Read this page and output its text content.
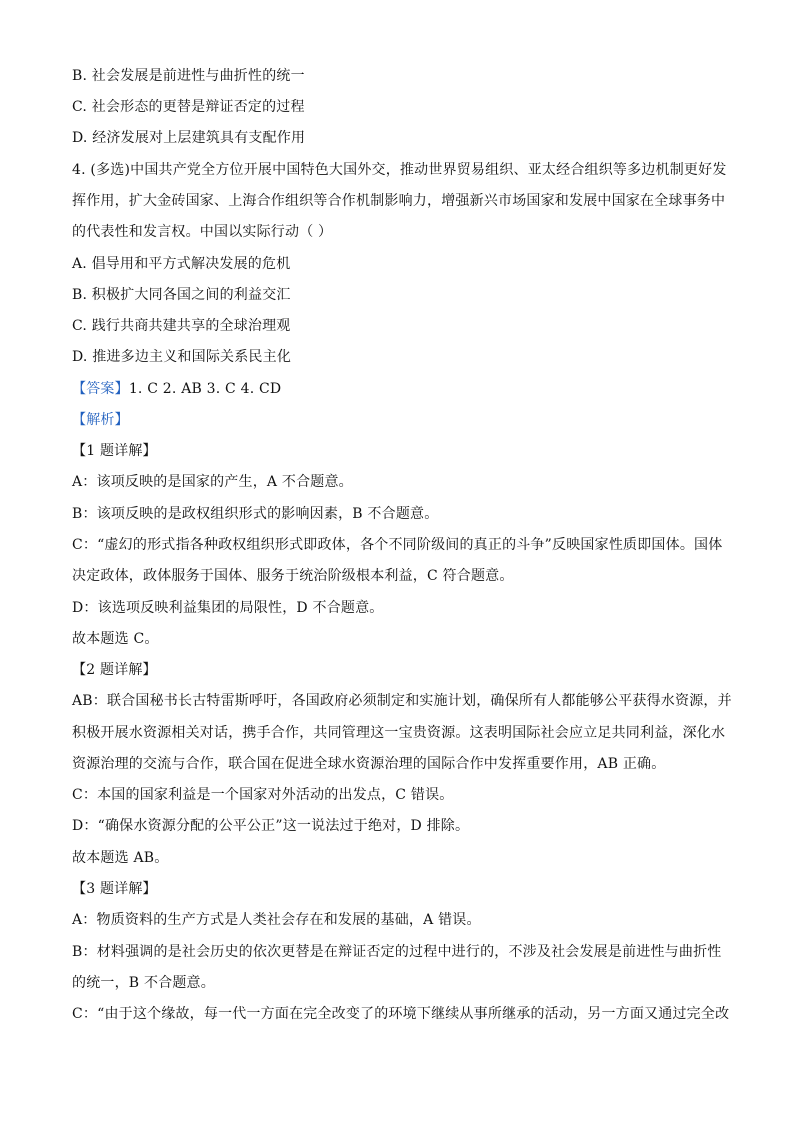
B. 社会发展是前进性与曲折性的统一
C. 社会形态的更替是辩证否定的过程
D. 经济发展对上层建筑具有支配作用
4. (多选)中国共产党全方位开展中国特色大国外交，推动世界贸易组织、亚太经合组织等多边机制更好发
挥作用，扩大金砖国家、上海合作组织等合作机制影响力，增强新兴市场国家和发展中国家在全球事务中
的代表性和发言权。中国以实际行动（ ）
A. 倡导用和平方式解决发展的危机
B. 积极扩大同各国之间的利益交汇
C. 践行共商共建共享的全球治理观
D. 推进多边主义和国际关系民主化
【答案】1. C 2. AB 3. C 4. CD
【解析】
【1 题详解】
A：该项反映的是国家的产生，A 不合题意。
B：该项反映的是政权组织形式的影响因素，B 不合题意。
C：“虚幻的形式指各种政权组织形式即政体，各个不同阶级间的真正的斗争”反映国家性质即国体。国体
决定政体，政体服务于国体、服务于统治阶级根本利益，C 符合题意。
D：该选项反映利益集团的局限性，D 不合题意。
故本题选 C。
【2 题详解】
AB：联合国秘书长古特雷斯呼吁，各国政府必须制定和实施计划，确保所有人都能够公平获得水资源，并
积极开展水资源相关对话，携手合作，共同管理这一宝贵资源。这表明国际社会应立足共同利益，深化水
资源治理的交流与合作，联合国在促进全球水资源治理的国际合作中发挥重要作用，AB 正确。
C：本国的国家利益是一个国家对外活动的出发点，C 错误。
D：“确保水资源分配的公平公正”这一说法过于绝对，D 排除。
故本题选 AB。
【3 题详解】
A：物质资料的生产方式是人类社会存在和发展的基础，A 错误。
B：材料强调的是社会历史的依次更替是在辩证否定的过程中进行的，不涉及社会发展是前进性与曲折性
的统一，B 不合题意。
C：“由于这个缘故，每一代一方面在完全改变了的环境下继续从事所继承的活动，另一方面又通过完全改
